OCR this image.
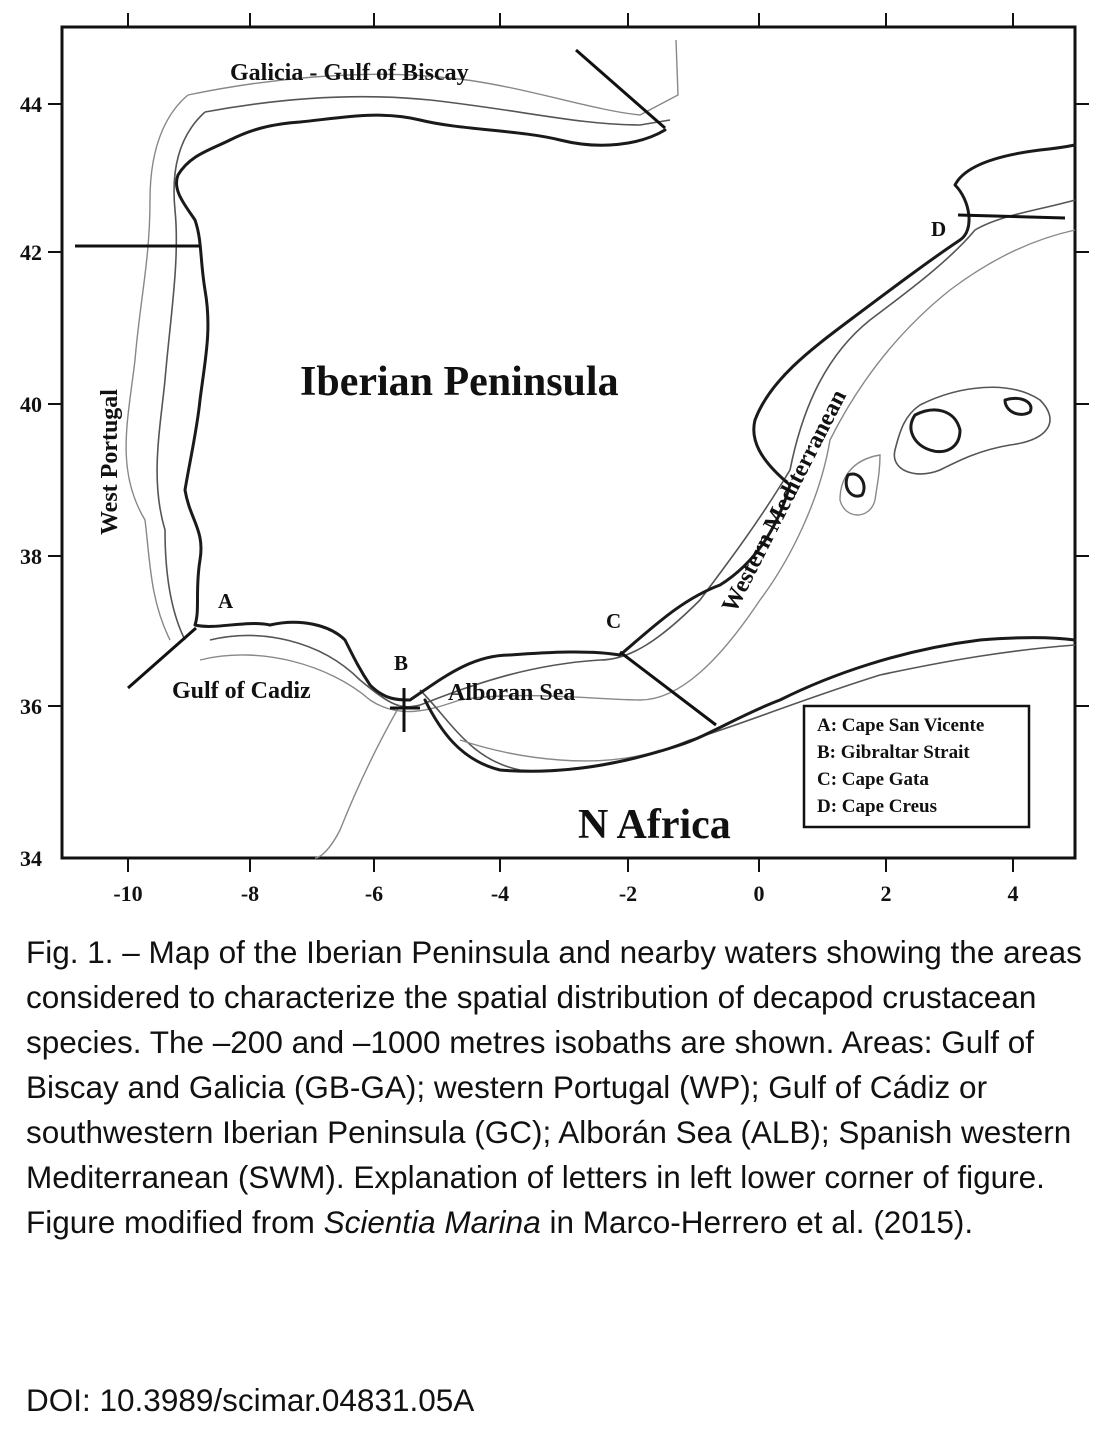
-10	-8	-6	-4	-2	0	2	4
34
36
38
40
42
44
Galicia - Gulf of Biscay
Iberian Peninsula
West Portugal	Western Mediterranean
Gulf of Cadiz	Alboran Sea
N Africa
A
B
C
D
A: Cape San Vicente
B: Gibraltar Strait
C: Cape Gata
D: Cape Creus

Fig. 1. – Map of the Iberian Peninsula and nearby waters showing the areas considered to characterize the spatial distribution of decapod crustacean species. The –200 and –1000 metres isobaths are shown. Areas: Gulf of Biscay and Galicia (GB-GA); western Portugal (WP); Gulf of Cádiz or southwestern Iberian Peninsula (GC); Alborán Sea (ALB); Spanish western Mediterranean (SWM). Explanation of letters in left lower corner of figure. Figure modified from Scientia Marina in Marco-Herrero et al. (2015).

DOI: 10.3989/scimar.04831.05A
